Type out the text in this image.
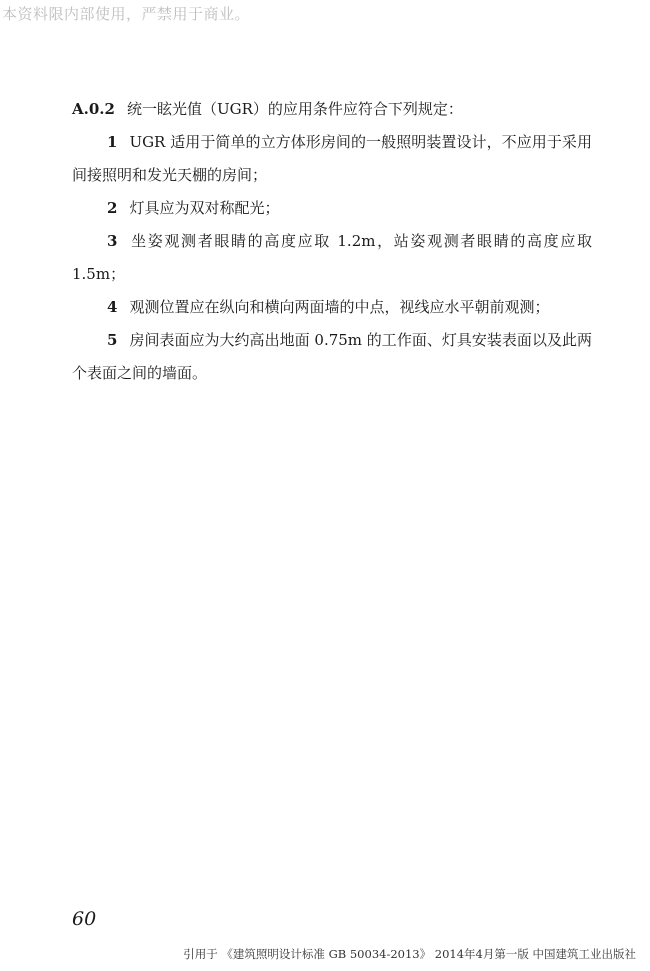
本资料限内部使用，严禁用于商业。
A.0.2 统一眩光值（UGR）的应用条件应符合下列规定：
1 UGR 适用于简单的立方体形房间的一般照明装置设计，不应用于采用间接照明和发光天棚的房间；
2 灯具应为双对称配光；
3 坐姿观测者眼睛的高度应取 1.2m，站姿观测者眼睛的高度应取 1.5m；
4 观测位置应在纵向和横向两面墙的中点，视线应水平朝前观测；
5 房间表面应为大约高出地面 0.75m 的工作面、灯具安装表面以及此两个表面之间的墙面。
60
引用于 《建筑照明设计标准 GB 50034-2013》 2014年4月第一版 中国建筑工业出版社
